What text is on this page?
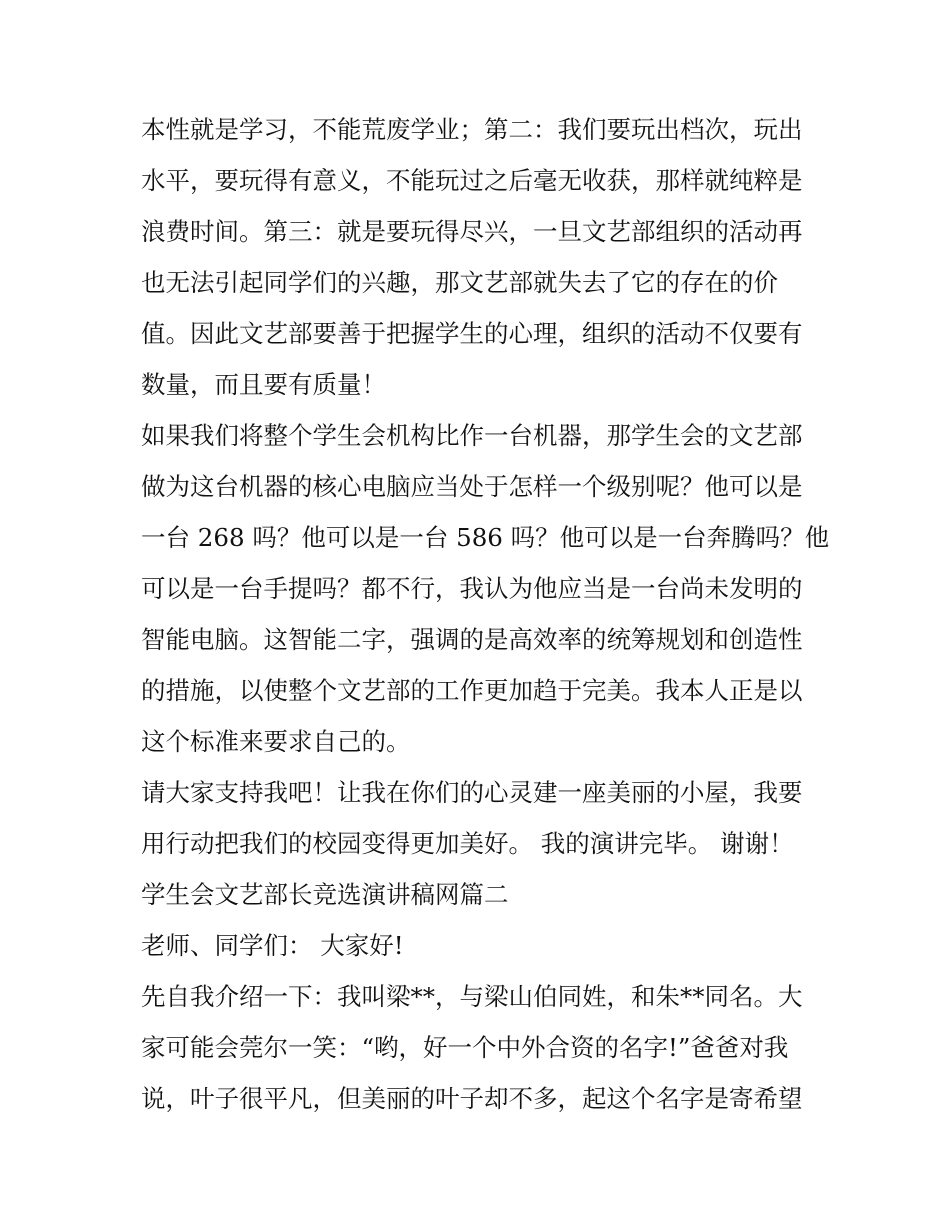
本性就是学习，不能荒废学业；第二：我们要玩出档次，玩出
水平，要玩得有意义，不能玩过之后毫无收获，那样就纯粹是
浪费时间。第三：就是要玩得尽兴，一旦文艺部组织的活动再
也无法引起同学们的兴趣，那文艺部就失去了它的存在的价
值。因此文艺部要善于把握学生的心理，组织的活动不仅要有
数量，而且要有质量！
如果我们将整个学生会机构比作一台机器，那学生会的文艺部
做为这台机器的核心电脑应当处于怎样一个级别呢？他可以是
一台 268 吗？他可以是一台 586 吗？他可以是一台奔腾吗？他
可以是一台手提吗？都不行，我认为他应当是一台尚未发明的
智能电脑。这智能二字，强调的是高效率的统筹规划和创造性
的措施，以使整个文艺部的工作更加趋于完美。我本人正是以
这个标准来要求自己的。
请大家支持我吧！让我在你们的心灵建一座美丽的小屋，我要
用行动把我们的校园变得更加美好。 我的演讲完毕。 谢谢！
学生会文艺部长竞选演讲稿网篇二
老师、同学们： 大家好!
先自我介绍一下：我叫梁**，与梁山伯同姓，和朱**同名。大
家可能会莞尔一笑：“哟，好一个中外合资的名字!”爸爸对我
说，叶子很平凡，但美丽的叶子却不多，起这个名字是寄希望
